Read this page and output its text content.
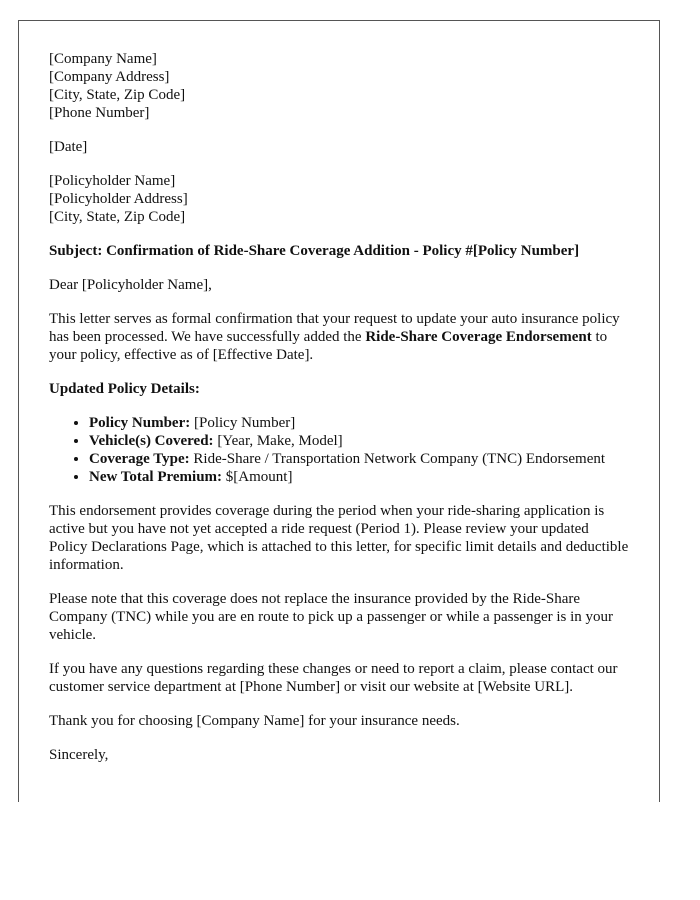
[Company Name]

[Company Address]

[City, State, Zip Code]

[Phone Number]

[Date]

[Policyholder Name]

[Policyholder Address]

[City, State, Zip Code]

Subject: Confirmation of Ride-Share Coverage Addition - Policy #[Policy Number]

Dear [Policyholder Name],

This letter serves as formal confirmation that your request to update your auto insurance policy has been processed. We have successfully added the Ride-Share Coverage Endorsement to your policy, effective as of [Effective Date].

Updated Policy Details:

• Policy Number: [Policy Number]
• Vehicle(s) Covered: [Year, Make, Model]
• Coverage Type: Ride-Share / Transportation Network Company (TNC) Endorsement
• New Total Premium: $[Amount]

This endorsement provides coverage during the period when your ride-sharing application is active but you have not yet accepted a ride request (Period 1). Please review your updated Policy Declarations Page, which is attached to this letter, for specific limit details and deductible information.

Please note that this coverage does not replace the insurance provided by the Ride-Share Company (TNC) while you are en route to pick up a passenger or while a passenger is in your vehicle.

If you have any questions regarding these changes or need to report a claim, please contact our customer service department at [Phone Number] or visit our website at [Website URL].

Thank you for choosing [Company Name] for your insurance needs.

Sincerely,
